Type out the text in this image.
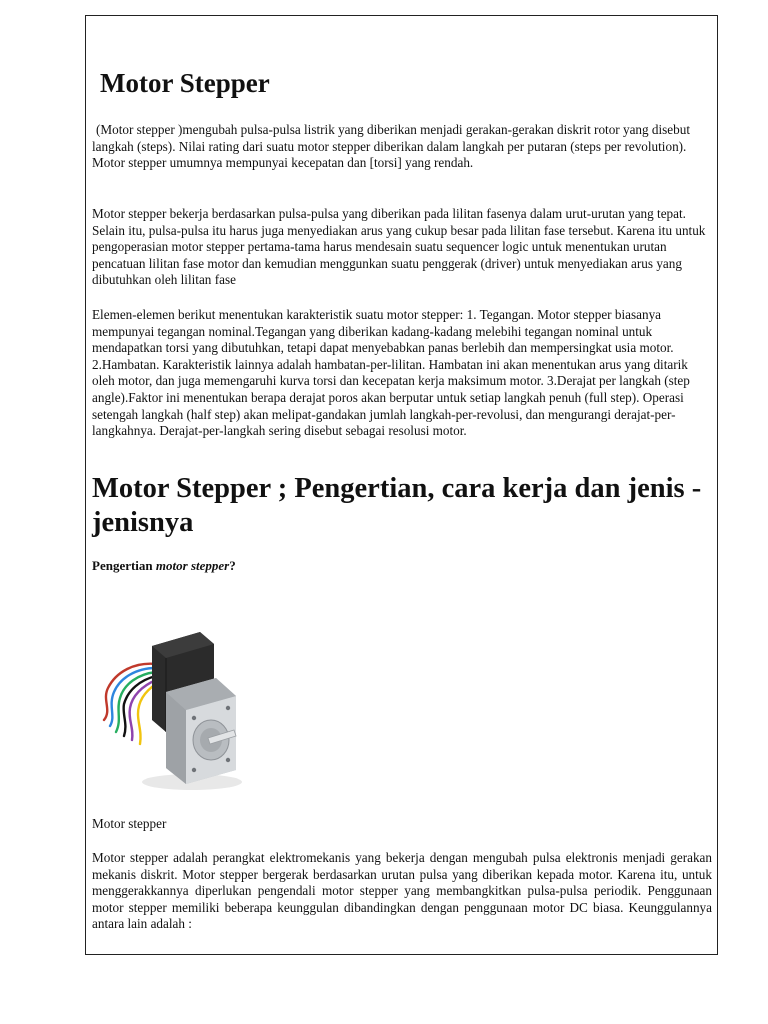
Motor Stepper

(Motor stepper )mengubah pulsa-pulsa listrik yang diberikan menjadi gerakan-gerakan diskrit rotor yang disebut langkah (steps). Nilai rating dari suatu motor stepper diberikan dalam langkah per putaran (steps per revolution). Motor stepper umumnya mempunyai kecepatan dan [torsi] yang rendah.

Motor stepper bekerja berdasarkan pulsa-pulsa yang diberikan pada lilitan fasenya dalam urut-urutan yang tepat. Selain itu, pulsa-pulsa itu harus juga menyediakan arus yang cukup besar pada lilitan fase tersebut. Karena itu untuk pengoperasian motor stepper pertama-tama harus mendesain suatu sequencer logic untuk menentukan urutan pencatuan lilitan fase motor dan kemudian menggunkan suatu penggerak (driver) untuk menyediakan arus yang dibutuhkan oleh lilitan fase

Elemen-elemen berikut menentukan karakteristik suatu motor stepper: 1. Tegangan. Motor stepper biasanya mempunyai tegangan nominal.Tegangan yang diberikan kadang-kadang melebihi tegangan nominal untuk mendapatkan torsi yang dibutuhkan, tetapi dapat menyebabkan panas berlebih dan mempersingkat usia motor. 2.Hambatan. Karakteristik lainnya adalah hambatan-per-lilitan. Hambatan ini akan menentukan arus yang ditarik oleh motor, dan juga memengaruhi kurva torsi dan kecepatan kerja maksimum motor. 3.Derajat per langkah (step angle).Faktor ini menentukan berapa derajat poros akan berputar untuk setiap langkah penuh (full step). Operasi setengah langkah (half step) akan melipat-gandakan jumlah langkah-per-revolusi, dan mengurangi derajat-per-langkahnya. Derajat-per-langkah sering disebut sebagai resolusi motor.

Motor Stepper ; Pengertian, cara kerja dan jenis -jenisnya

Pengertian motor stepper?

Motor stepper

Motor stepper adalah perangkat elektromekanis yang bekerja dengan mengubah pulsa elektronis menjadi gerakan mekanis diskrit. Motor stepper bergerak berdasarkan urutan pulsa yang diberikan kepada motor. Karena itu, untuk menggerakkannya diperlukan pengendali motor stepper yang membangkitkan pulsa-pulsa periodik. Penggunaan motor stepper memiliki beberapa keunggulan dibandingkan dengan penggunaan motor DC biasa. Keunggulannya antara lain adalah :
